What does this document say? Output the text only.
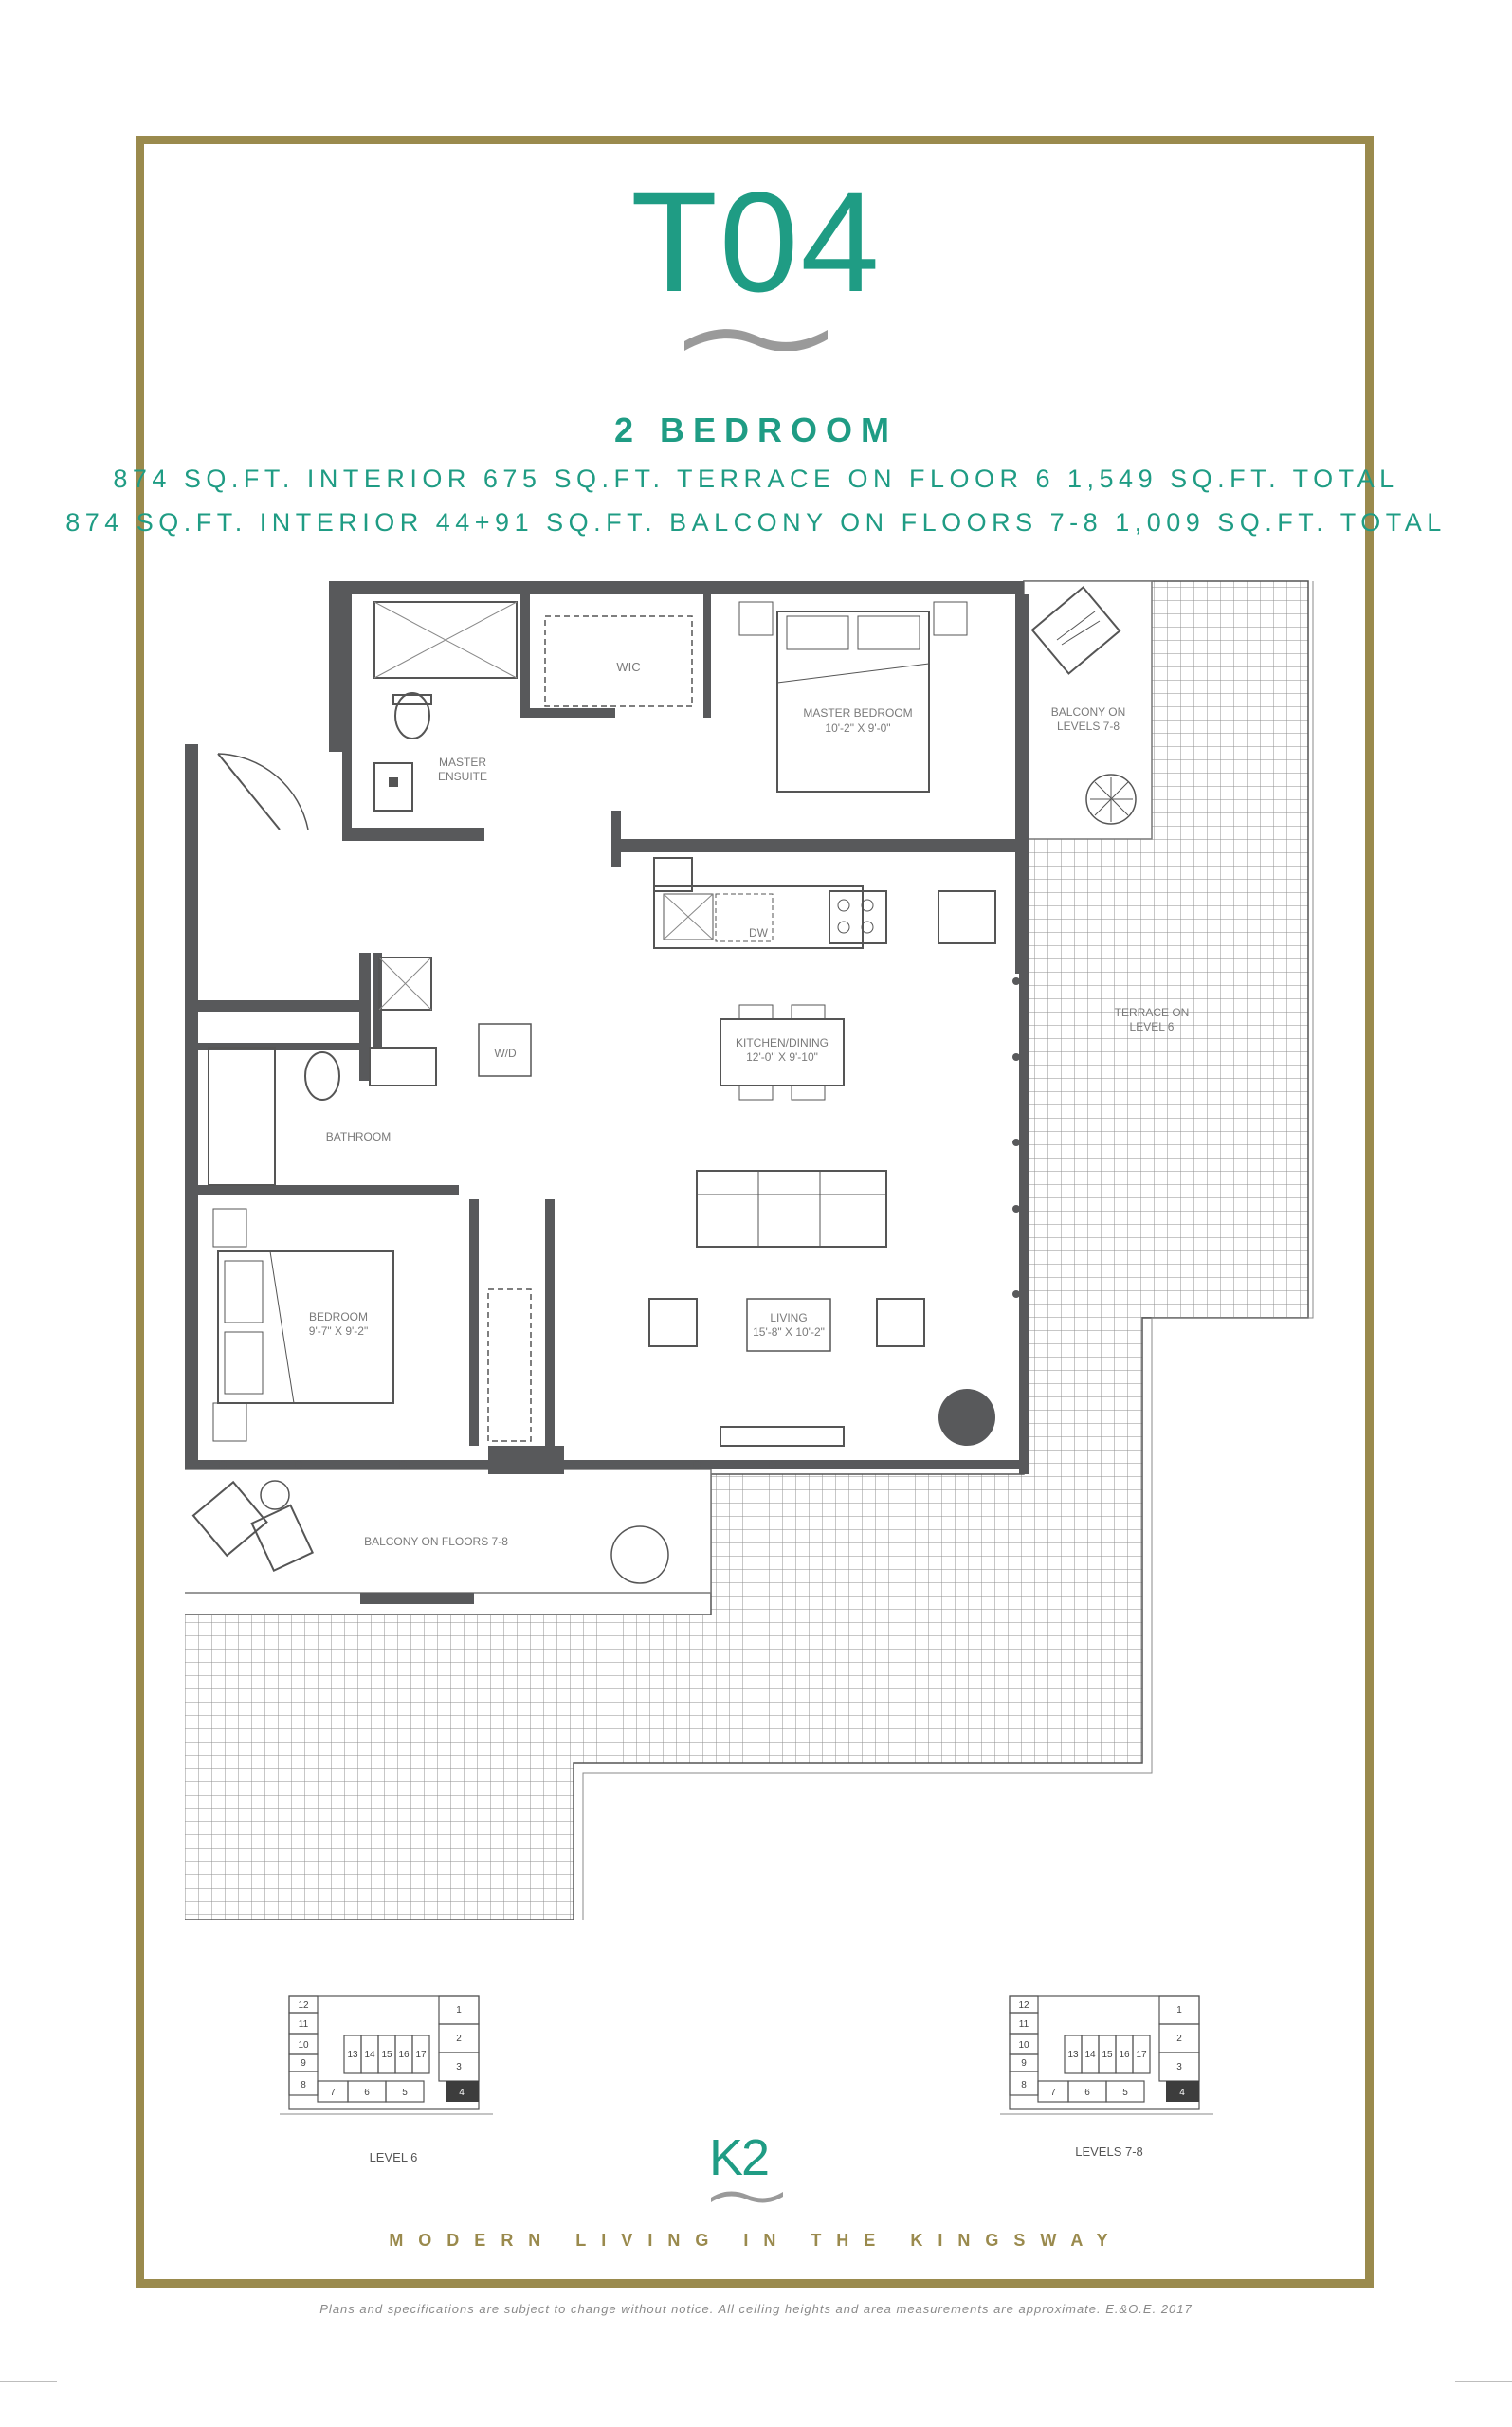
T04
2 BEDROOM
874 SQ.FT. INTERIOR 675 SQ.FT. TERRACE ON FLOOR 6 1,549 SQ.FT. TOTAL
874 SQ.FT. INTERIOR 44+91 SQ.FT. BALCONY ON FLOORS 7-8 1,009 SQ.FT. TOTAL
WIC
MASTER BEDROOM
10'-2" X 9'-0"
MASTER
ENSUITE
BALCONY ON
LEVELS 7-8
DW
W/D
BATHROOM
KITCHEN/DINING
12'-0" X 9'-10"
LIVING
15'-8" X 10'-2"
TERRACE ON
LEVEL 6
BEDROOM
9'-7" X 9'-2"
BALCONY ON FLOORS 7-8
12
11
10
9
8
7	6	5	4
3
2
1
13 14 15 16 17
LEVEL 6
12
11
10
9
8
7	6	5	4
3
2
1
13 14 15 16 17
LEVELS 7-8
K2
MODERN LIVING IN THE KINGSWAY
Plans and specifications are subject to change without notice. All ceiling heights and area measurements are approximate. E.&O.E. 2017
